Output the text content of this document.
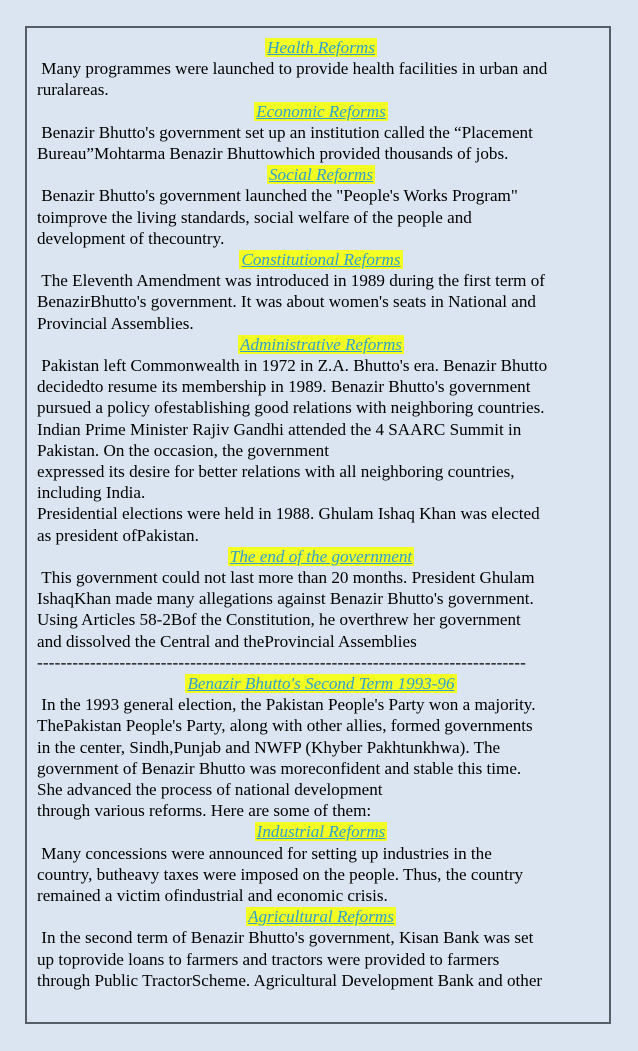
Health Reforms

Many programmes were launched to provide health facilities in urban and

ruralareas.

Economic Reforms

Benazir Bhutto's government set up an institution called the “Placement

Bureau”Mohtarma Benazir Bhuttowhich provided thousands of jobs.

Social Reforms

Benazir Bhutto's government launched the "People's Works Program"

toimprove the living standards, social welfare of the people and

development of thecountry.

Constitutional Reforms

The Eleventh Amendment was introduced in 1989 during the first term of

BenazirBhutto's government. It was about women's seats in National and

Provincial Assemblies.

Administrative Reforms

Pakistan left Commonwealth in 1972 in Z.A. Bhutto's era. Benazir Bhutto

decidedto resume its membership in 1989. Benazir Bhutto's government

pursued a policy ofestablishing good relations with neighboring countries.

Indian Prime Minister Rajiv Gandhi attended the 4 SAARC Summit in

Pakistan. On the occasion, the government

expressed its desire for better relations with all neighboring countries,

including India.

Presidential elections were held in 1988. Ghulam Ishaq Khan was elected

as president ofPakistan.

The end of the government

This government could not last more than 20 months. President Ghulam

IshaqKhan made many allegations against Benazir Bhutto's government.

Using Articles 58-2Bof the Constitution, he overthrew her government

and dissolved the Central and theProvincial Assemblies

-----------------------------------------------------------------------------------

Benazir Bhutto's Second Term 1993-96

In the 1993 general election, the Pakistan People's Party won a majority.

ThePakistan People's Party, along with other allies, formed governments

in the center, Sindh,Punjab and NWFP (Khyber Pakhtunkhwa). The

government of Benazir Bhutto was moreconfident and stable this time.

She advanced the process of national development

through various reforms. Here are some of them:

Industrial Reforms

Many concessions were announced for setting up industries in the

country, butheavy taxes were imposed on the people. Thus, the country

remained a victim ofindustrial and economic crisis.

Agricultural Reforms

In the second term of Benazir Bhutto's government, Kisan Bank was set

up toprovide loans to farmers and tractors were provided to farmers

through Public TractorScheme. Agricultural Development Bank and other
